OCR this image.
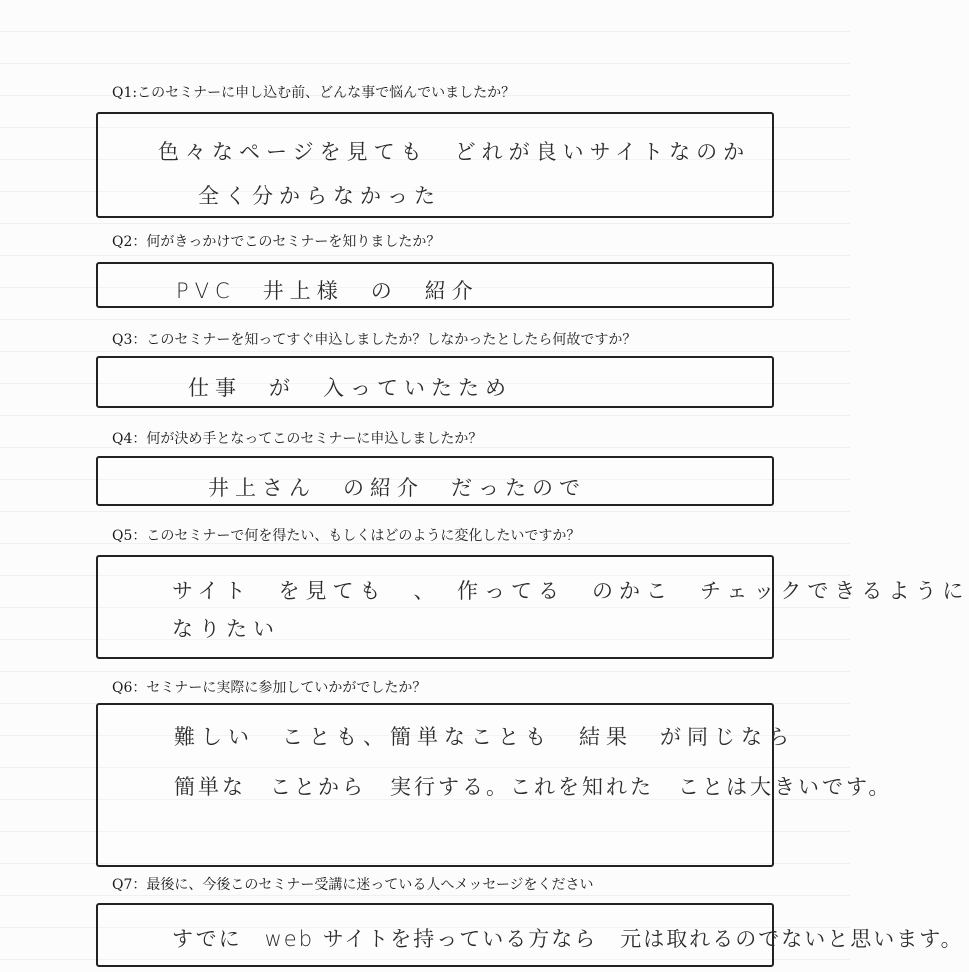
Q1:このセミナーに申し込む前、どんな事で悩んでいましたか？
色々なページを見ても　どれが良いサイトなのか
全く分からなかった
Q2：何がきっかけでこのセミナーを知りましたか？
PVC　井上様　の　紹介
Q3：このセミナーを知ってすぐ申込しましたか？しなかったとしたら何故ですか？
仕事　が　入っていたため
Q4：何が決め手となってこのセミナーに申込しましたか？
井上さん　の紹介　だったので
Q5：このセミナーで何を得たい、もしくはどのように変化したいですか？
サイト　を見ても　、　作ってる　のかこ　チェックできるように
なりたい
Q6：セミナーに実際に参加していかがでしたか？
難しい　ことも、簡単なことも　結果　が同じなら
簡単な　ことから　実行する。これを知れた　ことは大きいです。
Q7：最後に、今後このセミナー受講に迷っている人へメッセージをください
すでに　web サイトを持っている方なら　元は取れるのでないと思います。
